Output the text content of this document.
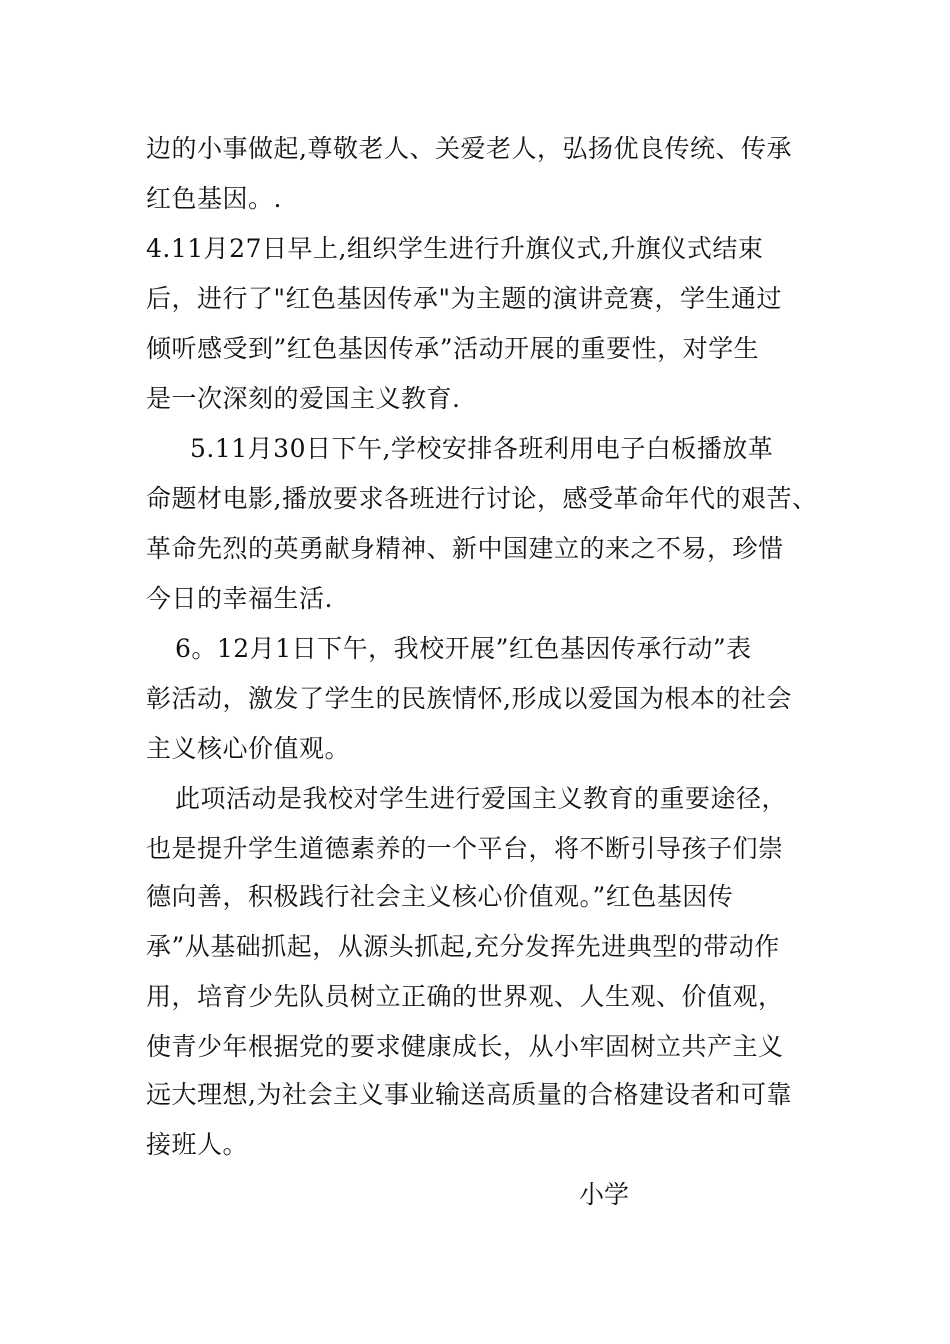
边的小事做起,尊敬老人、关爱老人，弘扬优良传统、传承
红色基因。.
4.11月27日早上,组织学生进行升旗仪式,升旗仪式结束
后，进行了"红色基因传承"为主题的演讲竞赛，学生通过
倾听感受到”红色基因传承”活动开展的重要性，对学生
是一次深刻的爱国主义教育.
5.11月30日下午,学校安排各班利用电子白板播放革
命题材电影,播放要求各班进行讨论，感受革命年代的艰苦、
革命先烈的英勇献身精神、新中国建立的来之不易，珍惜
今日的幸福生活.
6。12月1日下午，我校开展”红色基因传承行动”表
彰活动，激发了学生的民族情怀,形成以爱国为根本的社会
主义核心价值观。
此项活动是我校对学生进行爱国主义教育的重要途径，
也是提升学生道德素养的一个平台，将不断引导孩子们崇
德向善，积极践行社会主义核心价值观。”红色基因传
承”从基础抓起，从源头抓起,充分发挥先进典型的带动作
用，培育少先队员树立正确的世界观、人生观、价值观，
使青少年根据党的要求健康成长，从小牢固树立共产主义
远大理想,为社会主义事业输送高质量的合格建设者和可靠
接班人。
小学
